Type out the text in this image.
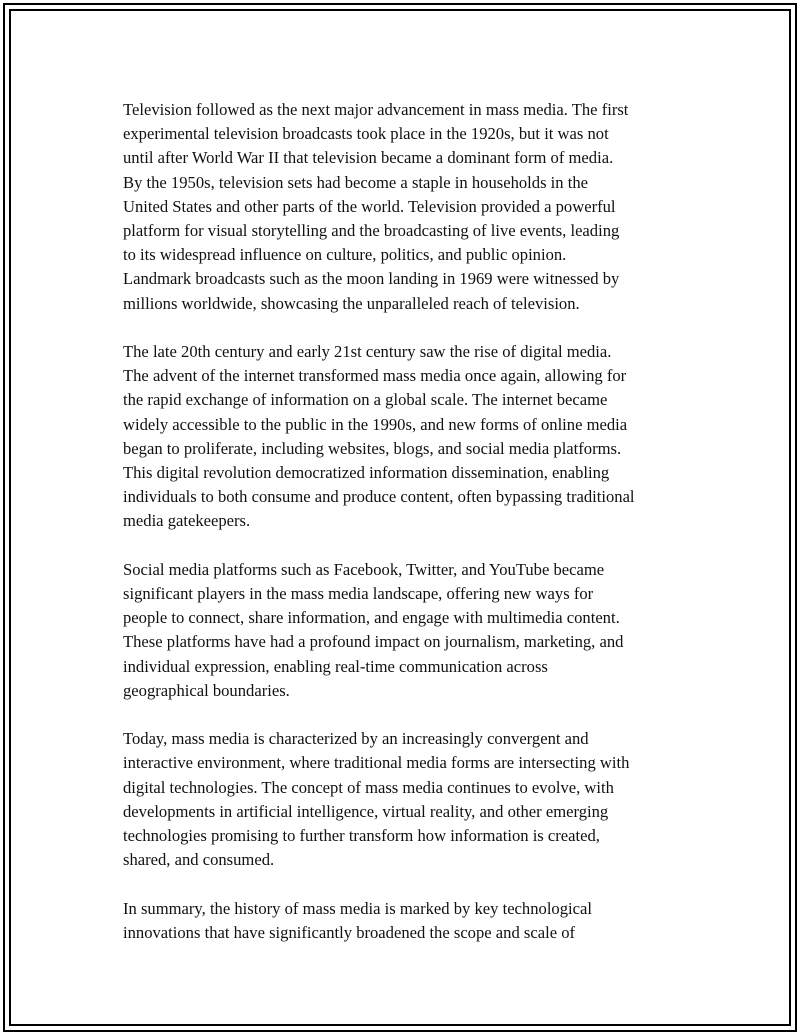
Television followed as the next major advancement in mass media. The first
experimental television broadcasts took place in the 1920s, but it was not
until after World War II that television became a dominant form of media.
By the 1950s, television sets had become a staple in households in the
United States and other parts of the world. Television provided a powerful
platform for visual storytelling and the broadcasting of live events, leading
to its widespread influence on culture, politics, and public opinion.
Landmark broadcasts such as the moon landing in 1969 were witnessed by
millions worldwide, showcasing the unparalleled reach of television.

The late 20th century and early 21st century saw the rise of digital media.
The advent of the internet transformed mass media once again, allowing for
the rapid exchange of information on a global scale. The internet became
widely accessible to the public in the 1990s, and new forms of online media
began to proliferate, including websites, blogs, and social media platforms.
This digital revolution democratized information dissemination, enabling
individuals to both consume and produce content, often bypassing traditional
media gatekeepers.

Social media platforms such as Facebook, Twitter, and YouTube became
significant players in the mass media landscape, offering new ways for
people to connect, share information, and engage with multimedia content.
These platforms have had a profound impact on journalism, marketing, and
individual expression, enabling real-time communication across
geographical boundaries.

Today, mass media is characterized by an increasingly convergent and
interactive environment, where traditional media forms are intersecting with
digital technologies. The concept of mass media continues to evolve, with
developments in artificial intelligence, virtual reality, and other emerging
technologies promising to further transform how information is created,
shared, and consumed.

In summary, the history of mass media is marked by key technological
innovations that have significantly broadened the scope and scale of
